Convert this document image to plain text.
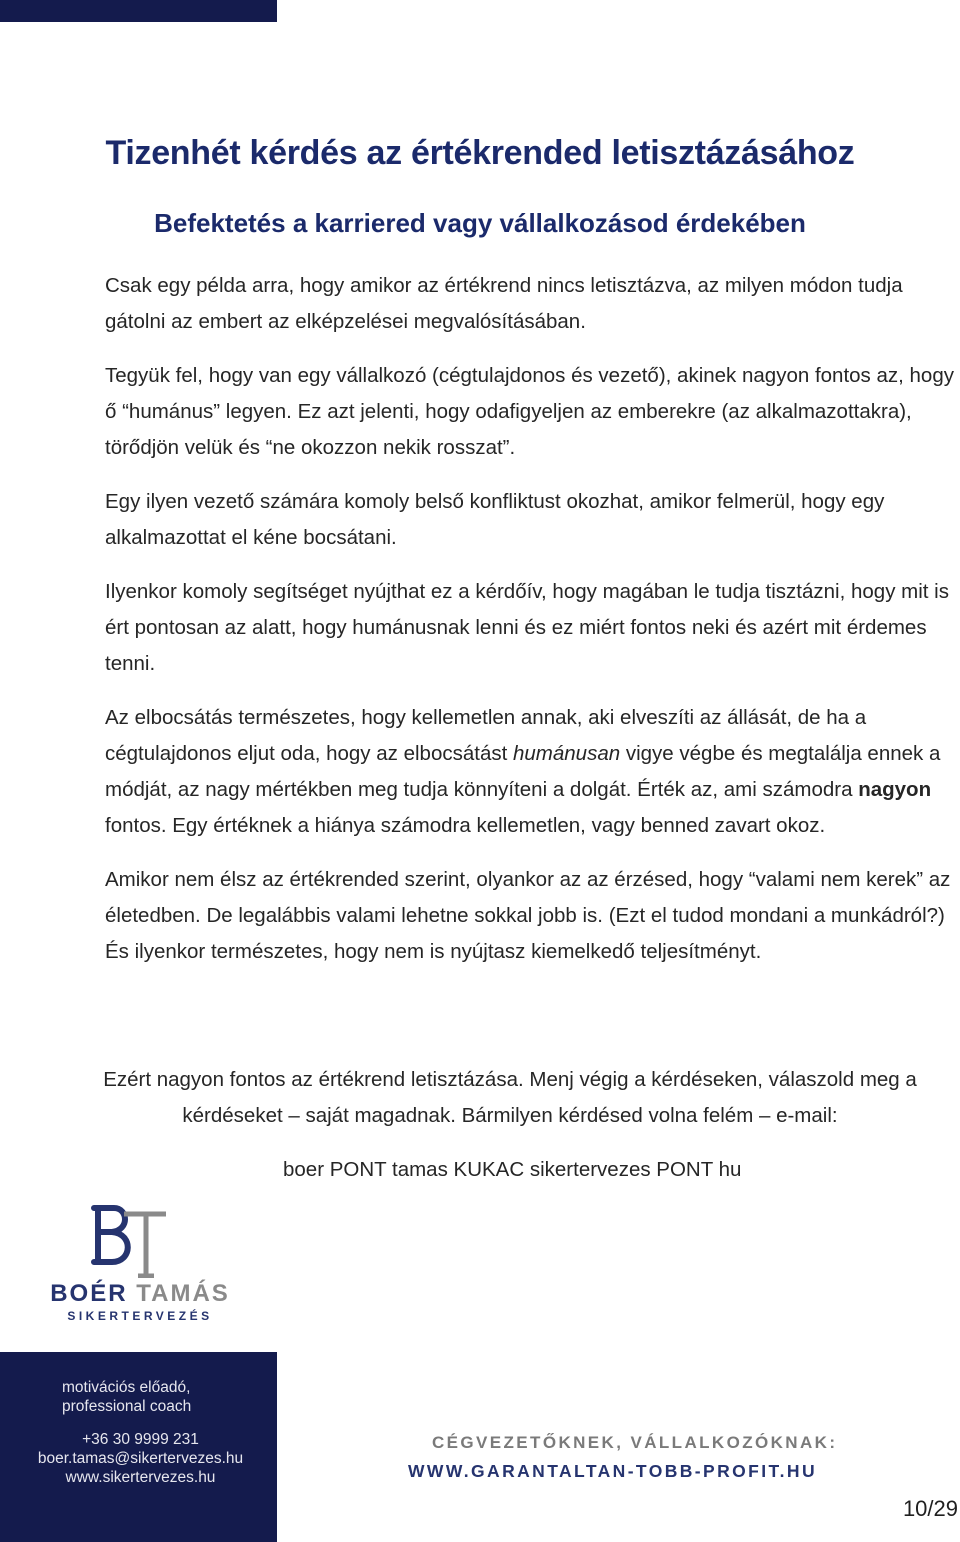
Tizenhét kérdés az értékrended letisztázásához
Befektetés a karriered vagy vállalkozásod érdekében

Csak egy példa arra, hogy amikor az értékrend nincs letisztázva, az milyen módon tudja gátolni az embert az elképzelései megvalósításában.

Tegyük fel, hogy van egy vállalkozó (cégtulajdonos és vezető), akinek nagyon fontos az, hogy ő “humánus” legyen. Ez azt jelenti, hogy odafigyeljen az emberekre (az alkalmazottakra), törődjön velük és “ne okozzon nekik rosszat”.

Egy ilyen vezető számára komoly belső konfliktust okozhat, amikor felmerül, hogy egy alkalmazottat el kéne bocsátani.

Ilyenkor komoly segítséget nyújthat ez a kérdőív, hogy magában le tudja tisztázni, hogy mit is ért pontosan az alatt, hogy humánusnak lenni és ez miért fontos neki és azért mit érdemes tenni.

Az elbocsátás természetes, hogy kellemetlen annak, aki elveszíti az állását, de ha a cégtulajdonos eljut oda, hogy az elbocsátást humánusan vigye végbe és megtalálja ennek a módját, az nagy mértékben meg tudja könnyíteni a dolgát. Érték az, ami számodra nagyon fontos. Egy értéknek a hiánya számodra kellemetlen, vagy benned zavart okoz.

Amikor nem élsz az értékrended szerint, olyankor az az érzésed, hogy “valami nem kerek” az életedben. De legalábbis valami lehetne sokkal jobb is. (Ezt el tudod mondani a munkádról?) És ilyenkor természetes, hogy nem is nyújtasz kiemelkedő teljesítményt.

Ezért nagyon fontos az értékrend letisztázása. Menj végig a kérdéseken, válaszold meg a kérdéseket – saját magadnak. Bármilyen kérdésed volna felém – e-mail:

boer PONT tamas KUKAC sikertervezes PONT hu

BOÉR TAMÁS
SIKERTERVEZÉS
motivációs előadó,
professional coach
+36 30 9999 231
boer.tamas@sikertervezes.hu
www.sikertervezes.hu
CÉGVEZETŐKNEK, VÁLLALKOZÓKNAK:
WWW.GARANTALTAN-TOBB-PROFIT.HU
10/29
